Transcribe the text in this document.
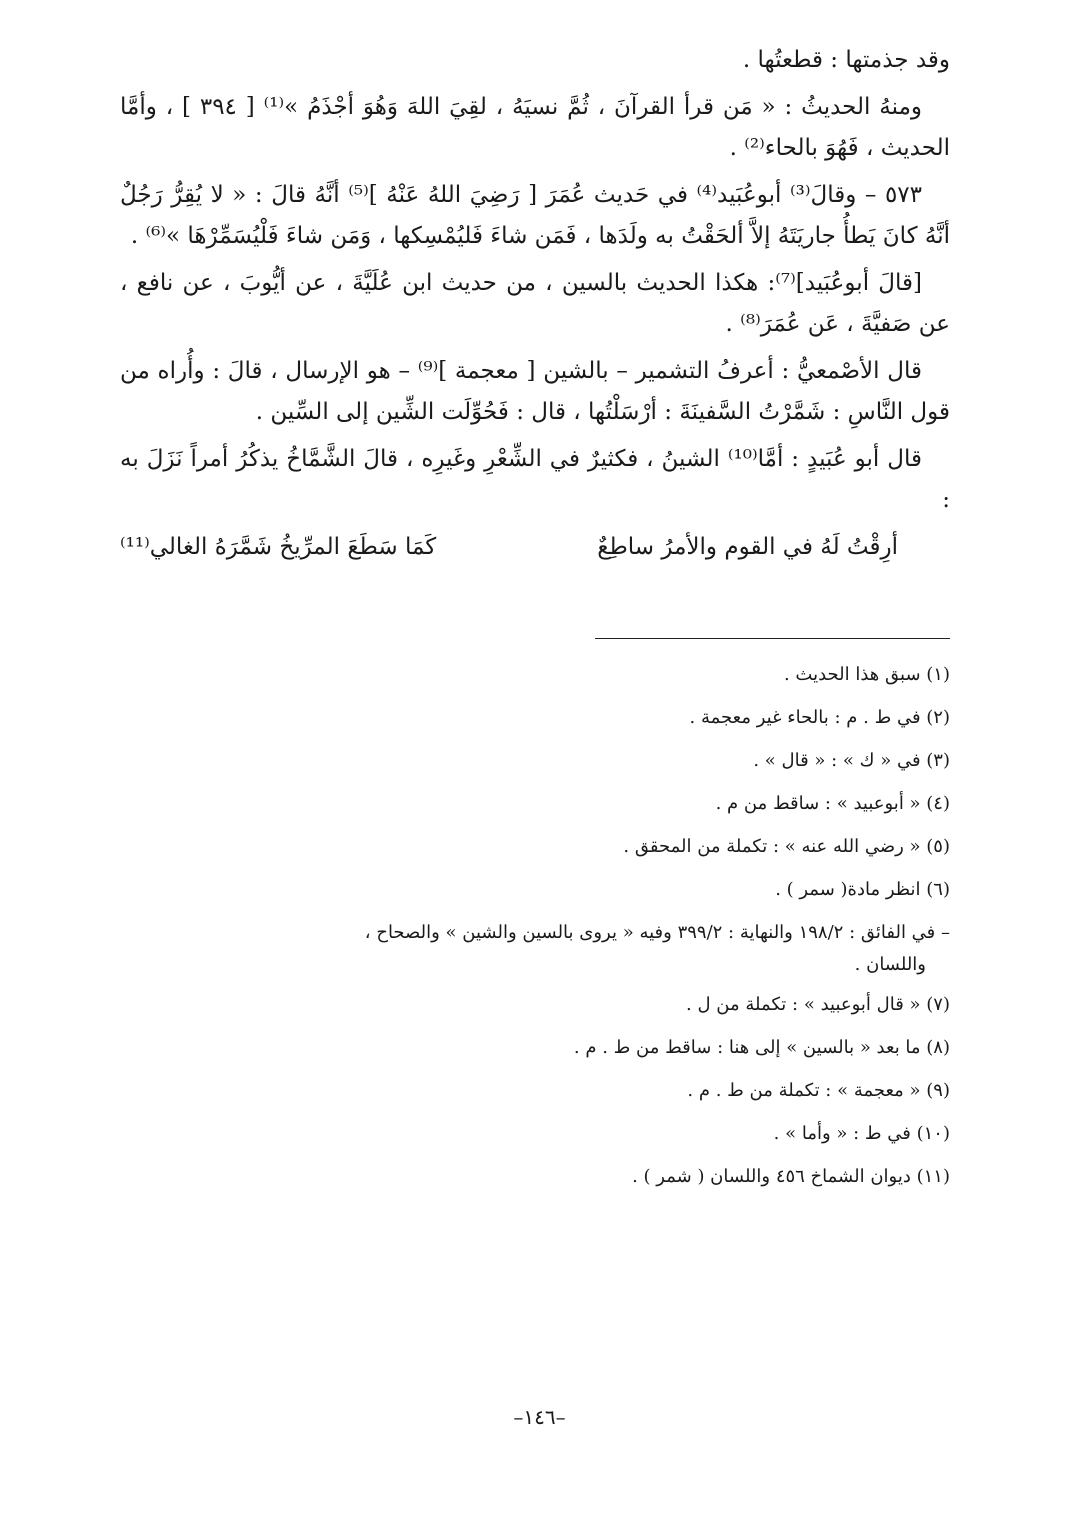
وقد جذمتها : قطعتُها .

ومنهُ الحديثُ : « مَن قرأ القرآنَ ، ثُمَّ نسيَهُ ، لقِيَ اللهَ وَهُوَ أجْذَمُ »⁽¹⁾ [ ٣٩٤ ] ، وأمَّا الحديث ، فَهُوَ بالحاء⁽²⁾ .

٥٧٣ – وقالَ⁽³⁾ أبوعُبَيد⁽⁴⁾ في حَديث عُمَرَ [ رَضِيَ اللهُ عَنْهُ ]⁽⁵⁾ أنَّهُ قالَ : « لا يُقِرُّ رَجُلٌ أنَّهُ كانَ يَطأُ جاريَتَهُ إلاَّ ألحَقْتُ به ولَدَها ، فَمَن شاءَ فَليُمْسِكها ، وَمَن شاءَ فَلْيُسَمِّرْهَا »⁽⁶⁾ .

[قالَ أبوعُبَيد]⁽⁷⁾: هكذا الحديث بالسين ، من حديث ابن عُلَيَّةَ ، عن أيُّوبَ ، عن نافع ، عن صَفيَّةَ ، عَن عُمَرَ⁽⁸⁾ .

قال الأصْمعيُّ : أعرفُ التشمير – بالشين [ معجمة ]⁽⁹⁾ – هو الإرسال ، قالَ : وأُراه من قول النَّاسِ : شَمَّرْتُ السَّفينَةَ : أرْسَلْتُها ، قال : فَحُوِّلَت الشِّين إلى السِّين .

قال أبو عُبَيدٍ : أمَّا⁽¹⁰⁾ الشينُ ، فكثيرٌ في الشِّعْرِ وغَيرِه ، قالَ الشَّمَّاخُ يذكُرُ أمراً نَزَلَ به :

أرِقْتُ لَهُ في القوم والأمرُ ساطِعٌ
كَمَا سَطَعَ المرِّيخُ شَمَّرَهُ الغالي⁽¹¹⁾
(١) سبق هذا الحديث .
(٢) في ط . م : بالحاء غير معجمة .
(٣) في « ك » : « قال » .
(٤) « أبوعبيد » : ساقط من م .
(٥) « رضي الله عنه » : تكملة من المحقق .
(٦) انظر مادة( سمر ) .
– في الفائق : ١٩٨/٢ والنهاية : ٣٩٩/٢ وفيه « يروى بالسين والشين » والصحاح ،
واللسان .
(٧) « قال أبوعبيد » : تكملة من ل .
(٨) ما بعد « بالسين » إلى هنا : ساقط من ط . م .
(٩) « معجمة » : تكملة من ط . م .
(١٠) في ط : « وأما » .
(١١) ديوان الشماخ ٤٥٦ واللسان ( شمر ) .
–١٤٦–
